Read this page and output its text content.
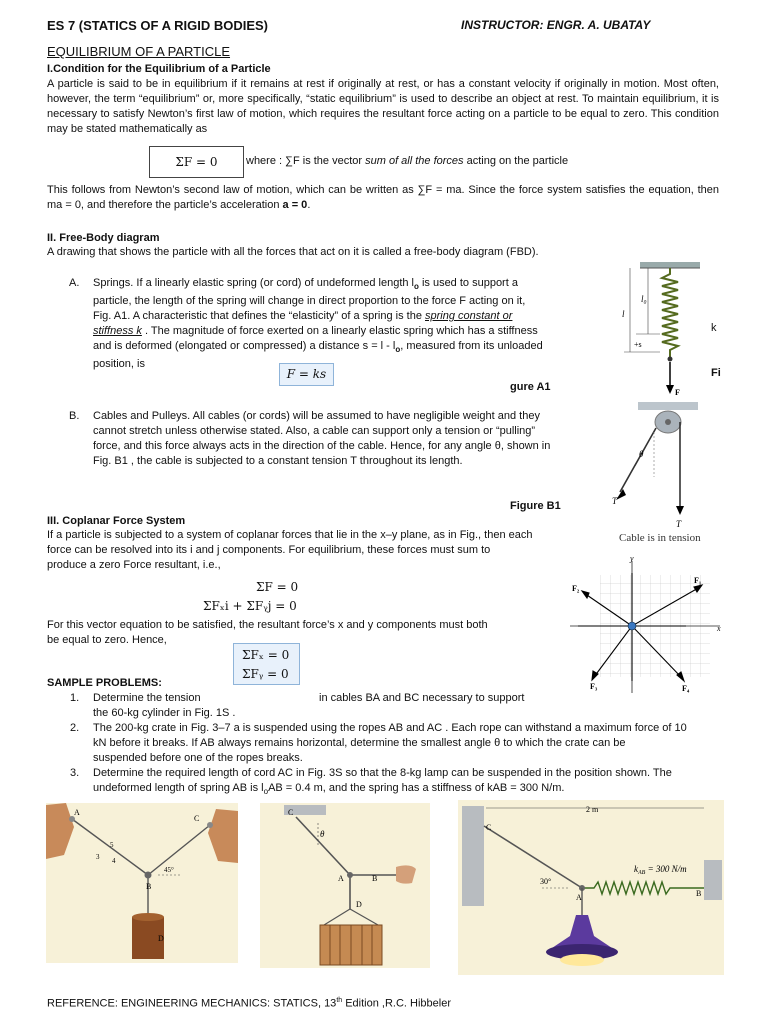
ES 7 (STATICS OF A RIGID BODIES)	INSTRUCTOR: ENGR. A. UBATAY
EQUILIBRIUM OF A PARTICLE
I.Condition for the Equilibrium of a Particle
A particle is said to be in equilibrium if it remains at rest if originally at rest, or has a constant velocity if originally in motion. Most often, however, the term “equilibrium” or, more specifically, “static equilibrium” is used to describe an object at rest. To maintain equilibrium, it is necessary to satisfy Newton’s first law of motion, which requires the resultant force acting on a particle to be equal to zero. This condition may be stated mathematically as
ΣF = 0	where : ∑F is the vector sum of all the forces acting on the particle
This follows from Newton’s second law of motion, which can be written as ∑F = ma. Since the force system satisfies the equation, then ma = 0, and therefore the particle’s acceleration a = 0.
II. Free-Body diagram
A drawing that shows the particle with all the forces that act on it is called a free-body diagram (FBD).
A. Springs. If a linearly elastic spring (or cord) of undeformed length $l_o$ is used to support a
particle, the length of the spring will change in direct proportion to the force F acting on it,
Fig. A1. A characteristic that defines the “elasticity” of a spring is the spring constant or
stiffness k . The magnitude of force exerted on a linearly elastic spring which has a stiffness
and is deformed (elongated or compressed) a distance $s = l - l_o$, measured from its unloaded
position, is
F = ks
k
Fi
gure A1
B. Cables and Pulleys. All cables (or cords) will be assumed to have negligible weight and they
cannot stretch unless otherwise stated. Also, a cable can support only a tension or “pulling”
force, and this force always acts in the direction of the cable. Hence, for any angle θ, shown in
Fig. B1 , the cable is subjected to a constant tension T throughout its length.
Figure B1
III. Coplanar Force System
If a particle is subjected to a system of coplanar forces that lie in the x–y plane, as in Fig., then each
force can be resolved into its i and j components. For equilibrium, these forces must sum to
produce a zero Force resultant, i.e.,
ΣF = 0
ΣFₓi + ΣFᵧj = 0
For this vector equation to be satisfied, the resultant force’s x and y components must both
be equal to zero. Hence,
ΣFₓ = 0
ΣFᵧ = 0
SAMPLE PROBLEMS:
1. Determine the tension	in cables BA and BC necessary to support
the 60-kg cylinder in Fig. 1S .
2. The 200-kg crate in Fig. 3–7 a is suspended using the ropes AB and AC . Each rope can withstand a maximum force of 10
kN before it breaks. If AB always remains horizontal, determine the smallest angle θ to which the crate can be
suspended before one of the ropes breaks.
3. Determine the required length of cord AC in Fig. 3S so that the 8-kg lamp can be suspended in the position shown. The
undeformed length of spring AB is $l_oAB = 0.4$ m, and the spring has a stiffness of kAB = 300 N/m.
l₀
l
+s
F
θ
T
T
Cable is in tension
y
x
F₁
F₂
F₃	F₄
A
C
B
D
5
3 4
45°
C
A	B
D
θ
2 m
$k_{AB} = 300$ N/m
A	B
C
30°
REFERENCE: ENGINEERING MECHANICS: STATICS, 13th Edition ,R.C. Hibbeler
